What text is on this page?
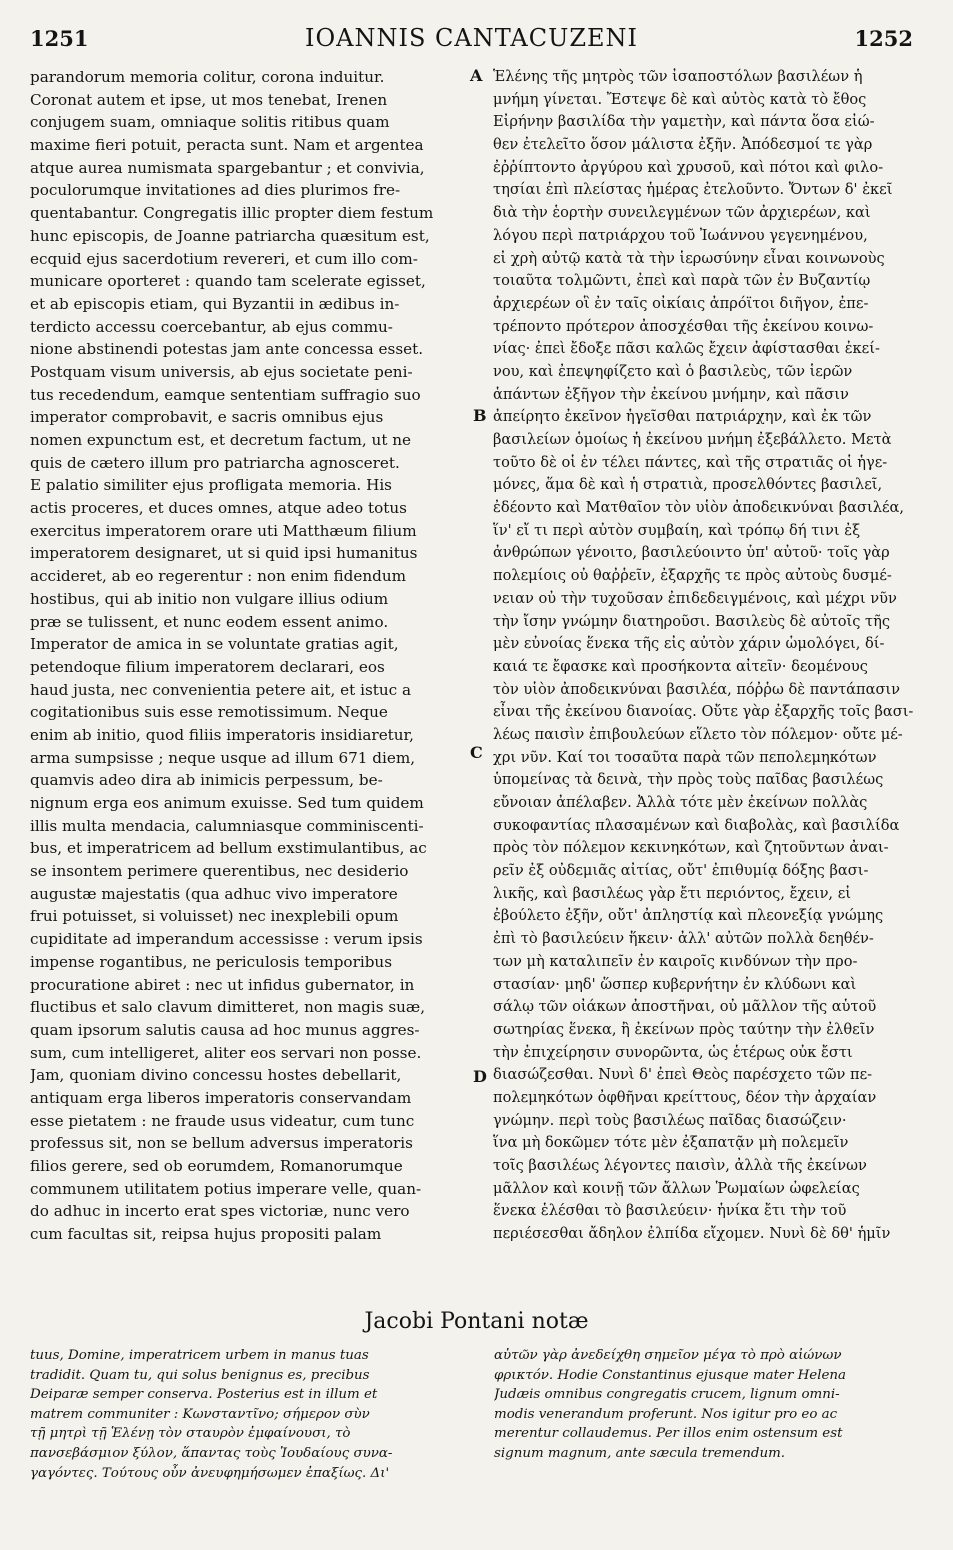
1251	IOANNIS CANTACUZENI	1252
parandorum memoria colitur, corona induitur.
Coronat autem et ipse, ut mos tenebat, Irenen
conjugem suam, omniaque solitis ritibus quam
maxime fieri potuit, peracta sunt. Nam et argentea
atque aurea numismata spargebantur ; et convivia,
poculorumque invitationes ad dies plurimos fre-
quentabantur. Congregatis illic propter diem festum
hunc episcopis, de Joanne patriarcha quæsitum est,
ecquid ejus sacerdotium revereri, et cum illo com-
municare oporteret : quando tam scelerate egisset,
et ab episcopis etiam, qui Byzantii in ædibus in-
terdicto accessu coercebantur, ab ejus commu-
nione abstinendi potestas jam ante concessa esset.
Postquam visum universis, ab ejus societate peni-
tus recedendum, eamque sententiam suffragio suo
imperator comprobavit, e sacris omnibus ejus
nomen expunctum est, et decretum factum, ut ne
quis de cætero illum pro patriarcha agnosceret.
E palatio similiter ejus profligata memoria. His
actis proceres, et duces omnes, atque adeo totus
exercitus imperatorem orare uti Matthæum filium
imperatorem designaret, ut si quid ipsi humanitus
accideret, ab eo regerentur : non enim fidendum
hostibus, qui ab initio non vulgare illius odium
præ se tulissent, et nunc eodem essent animo.
Imperator de amica in se voluntate gratias agit,
petendoque filium imperatorem declarari, eos
haud justa, nec convenientia petere ait, et istuc a
cogitationibus suis esse remotissimum. Neque
enim ab initio, quod filiis imperatoris insidiaretur,
arma sumpsisse ; neque usque ad illum 671 diem,
quamvis adeo dira ab inimicis perpessum, be-
nignum erga eos animum exuisse. Sed tum quidem
illis multa mendacia, calumniasque comminiscenti-
bus, et imperatricem ad bellum exstimulantibus, ac
se insontem perimere querentibus, nec desiderio
augustæ majestatis (qua adhuc vivo imperatore
frui potuisset, si voluisset) nec inexplebili opum
cupiditate ad imperandum accessisse : verum ipsis
impense rogantibus, ne periculosis temporibus
procuratione abiret : nec ut infidus gubernator, in
fluctibus et salo clavum dimitteret, non magis suæ,
quam ipsorum salutis causa ad hoc munus aggres-
sum, cum intelligeret, aliter eos servari non posse.
Jam, quoniam divino concessu hostes debellarit,
antiquam erga liberos imperatoris conservandam
esse pietatem : ne fraude usus videatur, cum tunc
professus sit, non se bellum adversus imperatoris
filios gerere, sed ob eorumdem, Romanorumque
communem utilitatem potius imperare velle, quan-
do adhuc in incerto erat spes victoriæ, nunc vero
cum facultas sit, reipsa hujus propositi palam
Ἑλένης τῆς μητρὸς τῶν ἰσαποστόλων βασιλέων ἡ
μνήμη γίνεται. Ἔστεψε δὲ καὶ αὐτὸς κατὰ τὸ ἔθος
Εἰρήνην βασιλίδα τὴν γαμετὴν, καὶ πάντα ὅσα εἰώ-
θεν ἐτελεῖτο ὅσον μάλιστα ἐξῆν. Ἀπόδεσμοί τε γὰρ
ἐῤῥίπτοντο ἀργύρου καὶ χρυσοῦ, καὶ πότοι καὶ φιλο-
τησίαι ἐπὶ πλείστας ἡμέρας ἐτελοῦντο. Ὄντων δ' ἐκεῖ
διὰ τὴν ἑορτὴν συνειλεγμένων τῶν ἀρχιερέων, καὶ
λόγου περὶ πατριάρχου τοῦ Ἰωάννου γεγενημένου,
εἰ χρὴ αὐτῷ κατὰ τὰ τὴν ἱερωσύνην εἶναι κοινωνοὺς
τοιαῦτα τολμῶντι, ἐπεὶ καὶ παρὰ τῶν ἐν Βυζαντίῳ
ἀρχιερέων οἳ ἐν ταῖς οἰκίαις ἀπρόϊτοι διῆγον, ἐπε-
τρέποντο πρότερον ἀποσχέσθαι τῆς ἐκείνου κοινω-
νίας· ἐπεὶ ἔδοξε πᾶσι καλῶς ἔχειν ἀφίστασθαι ἐκεί-
νου, καὶ ἐπεψηφίζετο καὶ ὁ βασιλεὺς, τῶν ἱερῶν
ἁπάντων ἐξῆγον τὴν ἐκείνου μνήμην, καὶ πᾶσιν
ἀπείρητο ἐκεῖνον ἡγεῖσθαι πατριάρχην, καὶ ἐκ τῶν
βασιλείων ὁμοίως ἡ ἐκείνου μνήμη ἐξεβάλλετο. Μετὰ
τοῦτο δὲ οἱ ἐν τέλει πάντες, καὶ τῆς στρατιᾶς οἱ ἡγε-
μόνες, ἅμα δὲ καὶ ἡ στρατιὰ, προσελθόντες βασιλεῖ,
ἐδέοντο καὶ Ματθαῖον τὸν υἱὸν ἀποδεικνύναι βασιλέα,
ἵν' εἴ τι περὶ αὐτὸν συμβαίη, καὶ τρόπῳ δή τινι ἐξ
ἀνθρώπων γένοιτο, βασιλεύοιντο ὑπ' αὐτοῦ· τοῖς γὰρ
πολεμίοις οὐ θαῤῥεῖν, ἐξαρχῆς τε πρὸς αὐτοὺς δυσμέ-
νειαν οὐ τὴν τυχοῦσαν ἐπιδεδειγμένοις, καὶ μέχρι νῦν
τὴν ἴσην γνώμην διατηροῦσι. Βασιλεὺς δὲ αὐτοῖς τῆς
μὲν εὐνοίας ἕνεκα τῆς εἰς αὐτὸν χάριν ὡμολόγει, δί-
καιά τε ἔφασκε καὶ προσήκοντα αἰτεῖν· δεομένους
τὸν υἱὸν ἀποδεικνύναι βασιλέα, πόῤῥω δὲ παντάπασιν
εἶναι τῆς ἐκείνου διανοίας. Οὔτε γὰρ ἐξαρχῆς τοῖς βασι-
λέως παισὶν ἐπιβουλεύων εἵλετο τὸν πόλεμον· οὔτε μέ-
χρι νῦν. Καί τοι τοσαῦτα παρὰ τῶν πεπολεμηκότων
ὑπομείνας τὰ δεινὰ, τὴν πρὸς τοὺς παῖδας βασιλέως
εὔνοιαν ἀπέλαβεν. Ἀλλὰ τότε μὲν ἐκείνων πολλὰς
συκοφαντίας πλασαμένων καὶ διαβολὰς, καὶ βασιλίδα
πρὸς τὸν πόλεμον κεκινηκότων, καὶ ζητοῦντων ἀναι-
ρεῖν ἐξ οὐδεμιᾶς αἰτίας, οὔτ' ἐπιθυμίᾳ δόξης βασι-
λικῆς, καὶ βασιλέως γὰρ ἔτι περιόντος, ἔχειν, εἰ
ἐβούλετο ἐξῆν, οὔτ' ἀπληστίᾳ καὶ πλεονεξίᾳ γνώμης
ἐπὶ τὸ βασιλεύειν ἥκειν· ἀλλ' αὐτῶν πολλὰ δεηθέν-
των μὴ καταλιπεῖν ἐν καιροῖς κινδύνων τὴν προ-
στασίαν· μηδ' ὥσπερ κυβερνήτην ἐν κλύδωνι καὶ
σάλῳ τῶν οἰάκων ἀποστῆναι, οὐ μᾶλλον τῆς αὑτοῦ
σωτηρίας ἕνεκα, ἢ ἐκείνων πρὸς ταύτην τὴν ἐλθεῖν
τὴν ἐπιχείρησιν συνορῶντα, ὡς ἑτέρως οὐκ ἔστι
διασώζεσθαι. Νυνὶ δ' ἐπεὶ Θεὸς παρέσχετο τῶν πε-
πολεμηκότων ὀφθῆναι κρείττους, δέον τὴν ἀρχαίαν
γνώμην. περὶ τοὺς βασιλέως παῖδας διασώζειν·
ἵνα μὴ δοκῶμεν τότε μὲν ἐξαπατᾷν μὴ πολεμεῖν
τοῖς βασιλέως λέγοντες παισὶν, ἀλλὰ τῆς ἐκείνων
μᾶλλον καὶ κοινῇ τῶν ἄλλων Ῥωμαίων ὠφελείας
ἕνεκα ἑλέσθαι τὸ βασιλεύειν· ἡνίκα ἔτι τὴν τοῦ
περιέσεσθαι ἄδηλον ἐλπίδα εἴχομεν. Νυνὶ δὲ δθ' ἡμῖν
A
B
C
D
Jacobi Pontani notæ
tuus, Domine, imperatricem urbem in manus tuas
tradidit. Quam tu, qui solus benignus es, precibus
Deiparæ semper conserva. Posterius est in illum et
matrem communiter : Κωνσταντῖνο; σήμερον σὺν
τῇ μητρὶ τῇ Ἑλένῃ τὸν σταυρὸν ἐμφαίνουσι, τὸ
πανσεβάσμιον ξύλον, ἅπαντας τοὺς Ἰουδαίους συνα-
γαγόντες. Τούτους οὖν ἀνευφημήσωμεν ἐπαξίως. Δι'
αὐτῶν γὰρ ἀνεδείχθη σημεῖον μέγα τὸ πρὸ αἰώνων
φρικτόν. Hodie Constantinus ejusque mater Helena
Judæis omnibus congregatis crucem, lignum omni-
modis venerandum proferunt. Nos igitur pro eo ac
merentur collaudemus. Per illos enim ostensum est
signum magnum, ante sæcula tremendum.
